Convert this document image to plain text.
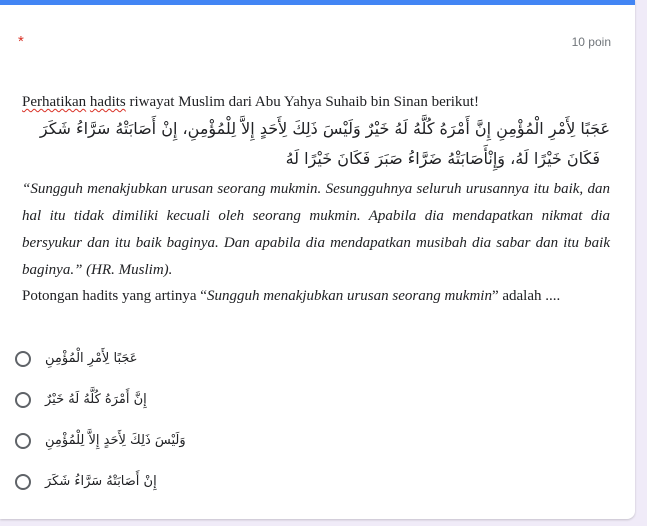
*	10 poin
Perhatikan hadits riwayat Muslim dari Abu Yahya Suhaib bin Sinan berikut!
عَجَبًا لِأَمْرِ الْمُؤْمِنِ إِنَّ أَمْرَهُ كُلَّهُ لَهُ خَيْرٌ وَلَيْسَ ذَلِكَ لِأَحَدٍ إِلاَّ لِلْمُؤْمِنِ، إِنْ أَصَابَتْهُ سَرَّاءُ شَكَرَ
فَكَانَ خَيْرًا لَهُ، وَإِنْأَصَابَتْهُ ضَرَّاءُ صَبَرَ فَكَانَ خَيْرًا لَهُ
“Sungguh menakjubkan urusan seorang mukmin. Sesungguhnya seluruh urusannya itu baik, dan hal itu tidak dimiliki kecuali oleh seorang mukmin. Apabila dia mendapatkan nikmat dia bersyukur dan itu baik baginya. Dan apabila dia mendapatkan musibah dia sabar dan itu baik baginya.” (HR. Muslim).
Potongan hadits yang artinya “Sungguh menakjubkan urusan seorang mukmin” adalah ....
عَجَبًا لِأَمْرِ الْمُؤْمِنِ
إِنَّ أَمْرَهُ كُلَّهُ لَهُ خَيْرٌ
وَلَيْسَ ذَلِكَ لِأَحَدٍ إِلاَّ لِلْمُؤْمِنِ
إِنْ أَصَابَتْهُ سَرَّاءُ شَكَرَ
